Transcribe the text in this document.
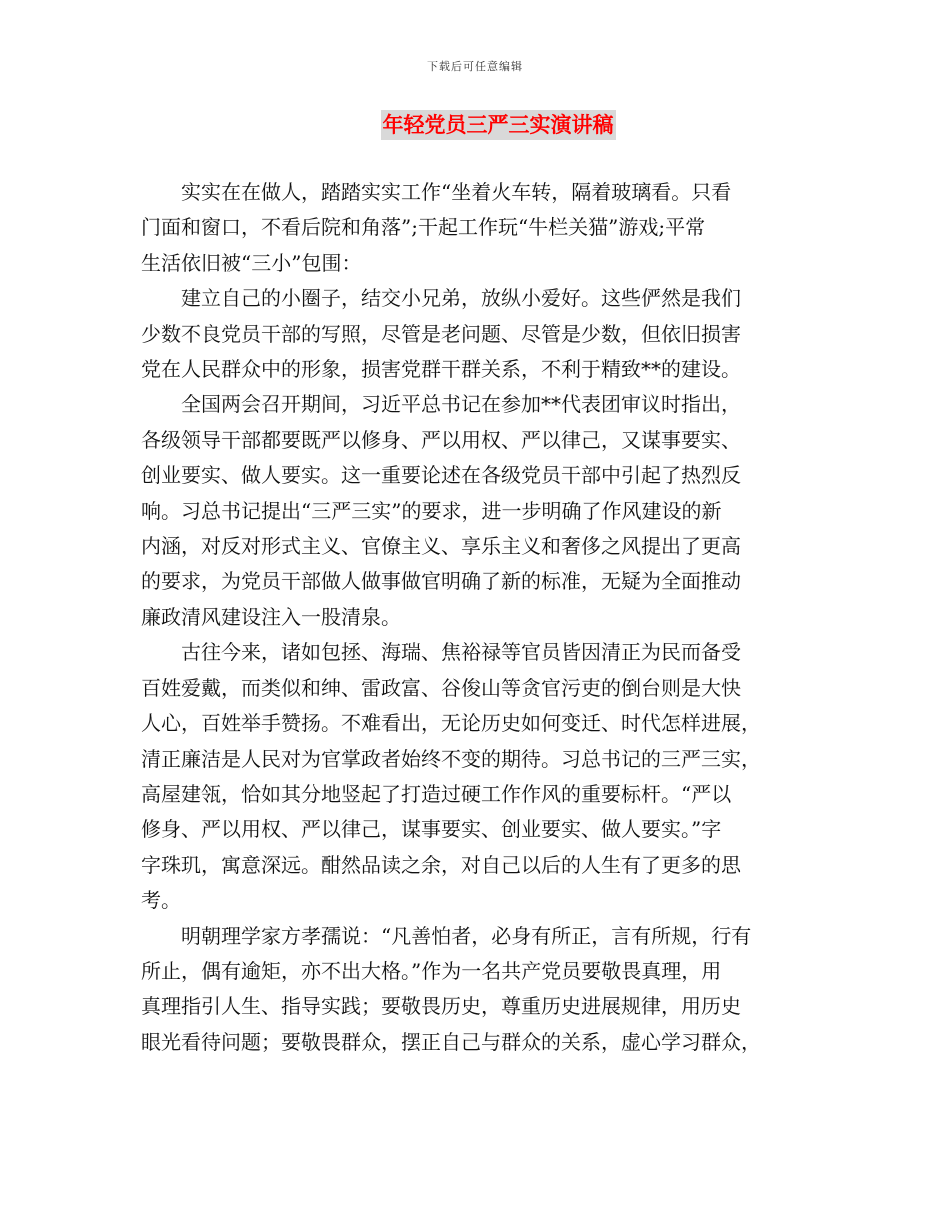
下载后可任意编辑
年轻党员三严三实演讲稿

实实在在做人，踏踏实实工作“坐着火车转，隔着玻璃看。只看
门面和窗口，不看后院和角落”;干起工作玩“牛栏关猫”游戏;平常
生活依旧被“三小”包围：

建立自己的小圈子，结交小兄弟，放纵小爱好。这些俨然是我们
少数不良党员干部的写照，尽管是老问题、尽管是少数，但依旧损害
党在人民群众中的形象，损害党群干群关系，不利于精致**的建设。

全国两会召开期间，习近平总书记在参加**代表团审议时指出，
各级领导干部都要既严以修身、严以用权、严以律己，又谋事要实、
创业要实、做人要实。这一重要论述在各级党员干部中引起了热烈反
响。习总书记提出“三严三实”的要求，进一步明确了作风建设的新
内涵，对反对形式主义、官僚主义、享乐主义和奢侈之风提出了更高
的要求，为党员干部做人做事做官明确了新的标准，无疑为全面推动
廉政清风建设注入一股清泉。

古往今来，诸如包拯、海瑞、焦裕禄等官员皆因清正为民而备受
百姓爱戴，而类似和绅、雷政富、谷俊山等贪官污吏的倒台则是大快
人心，百姓举手赞扬。不难看出，无论历史如何变迁、时代怎样进展，
清正廉洁是人民对为官掌政者始终不变的期待。习总书记的三严三实，
高屋建瓴，恰如其分地竖起了打造过硬工作作风的重要标杆。“严以
修身、严以用权、严以律己，谋事要实、创业要实、做人要实。”字
字珠玑，寓意深远。酣然品读之余，对自己以后的人生有了更多的思
考。

明朝理学家方孝孺说：“凡善怕者，必身有所正，言有所规，行有
所止，偶有逾矩，亦不出大格。”作为一名共产党员要敬畏真理，用
真理指引人生、指导实践；要敬畏历史，尊重历史进展规律，用历史
眼光看待问题；要敬畏群众，摆正自己与群众的关系，虚心学习群众，
